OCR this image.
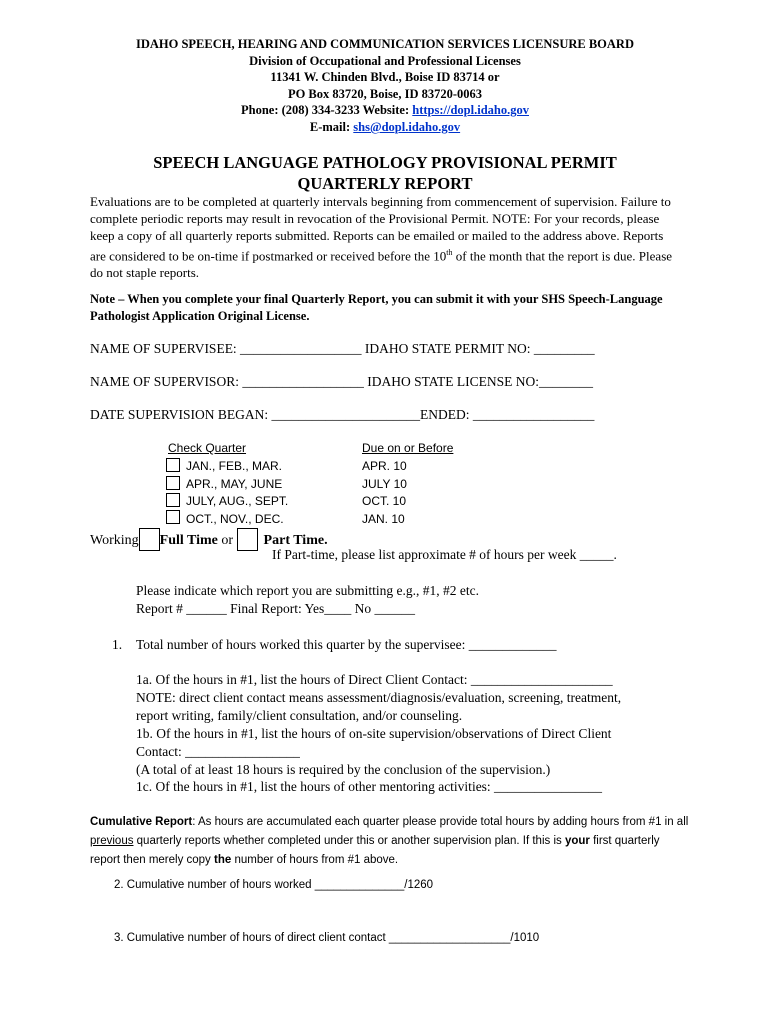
IDAHO SPEECH, HEARING AND COMMUNICATION SERVICES LICENSURE BOARD
Division of Occupational and Professional Licenses
11341 W. Chinden Blvd., Boise ID 83714 or
PO Box 83720, Boise, ID 83720-0063
Phone: (208) 334-3233 Website: https://dopl.idaho.gov
E-mail: shs@dopl.idaho.gov
SPEECH LANGUAGE PATHOLOGY PROVISIONAL PERMIT
QUARTERLY REPORT
Evaluations are to be completed at quarterly intervals beginning from commencement of supervision. Failure to complete periodic reports may result in revocation of the Provisional Permit. NOTE: For your records, please keep a copy of all quarterly reports submitted. Reports can be emailed or mailed to the address above. Reports are considered to be on-time if postmarked or received before the 10th of the month that the report is due. Please do not staple reports.
Note – When you complete your final Quarterly Report, you can submit it with your SHS Speech-Language Pathologist Application Original License.
NAME OF SUPERVISEE: __________________ IDAHO STATE PERMIT NO: _________
NAME OF SUPERVISOR: __________________ IDAHO STATE LICENSE NO:________
DATE SUPERVISION BEGAN: ______________________ENDED: __________________
Check Quarter	Due on or Before
JAN., FEB., MAR.	APR. 10
APR., MAY, JUNE	JULY 10
JULY, AUG., SEPT.	OCT. 10
OCT., NOV., DEC.	JAN. 10
Working Full Time or Part Time.
If Part-time, please list approximate # of hours per week _____.
Please indicate which report you are submitting e.g., #1, #2 etc.
Report # ______ Final Report: Yes____ No ______
1. Total number of hours worked this quarter by the supervisee: _____________
1a. Of the hours in #1, list the hours of Direct Client Contact: _____________________
NOTE: direct client contact means assessment/diagnosis/evaluation, screening, treatment,
report writing, family/client consultation, and/or counseling.
1b. Of the hours in #1, list the hours of on-site supervision/observations of Direct Client
Contact: _________________
(A total of at least 18 hours is required by the conclusion of the supervision.)
1c. Of the hours in #1, list the hours of other mentoring activities: ________________
Cumulative Report: As hours are accumulated each quarter please provide total hours by adding hours from #1 in all previous quarterly reports whether completed under this or another supervision plan. If this is your first quarterly report then merely copy the number of hours from #1 above.
2. Cumulative number of hours worked ______________/1260
3. Cumulative number of hours of direct client contact ___________________/1010
